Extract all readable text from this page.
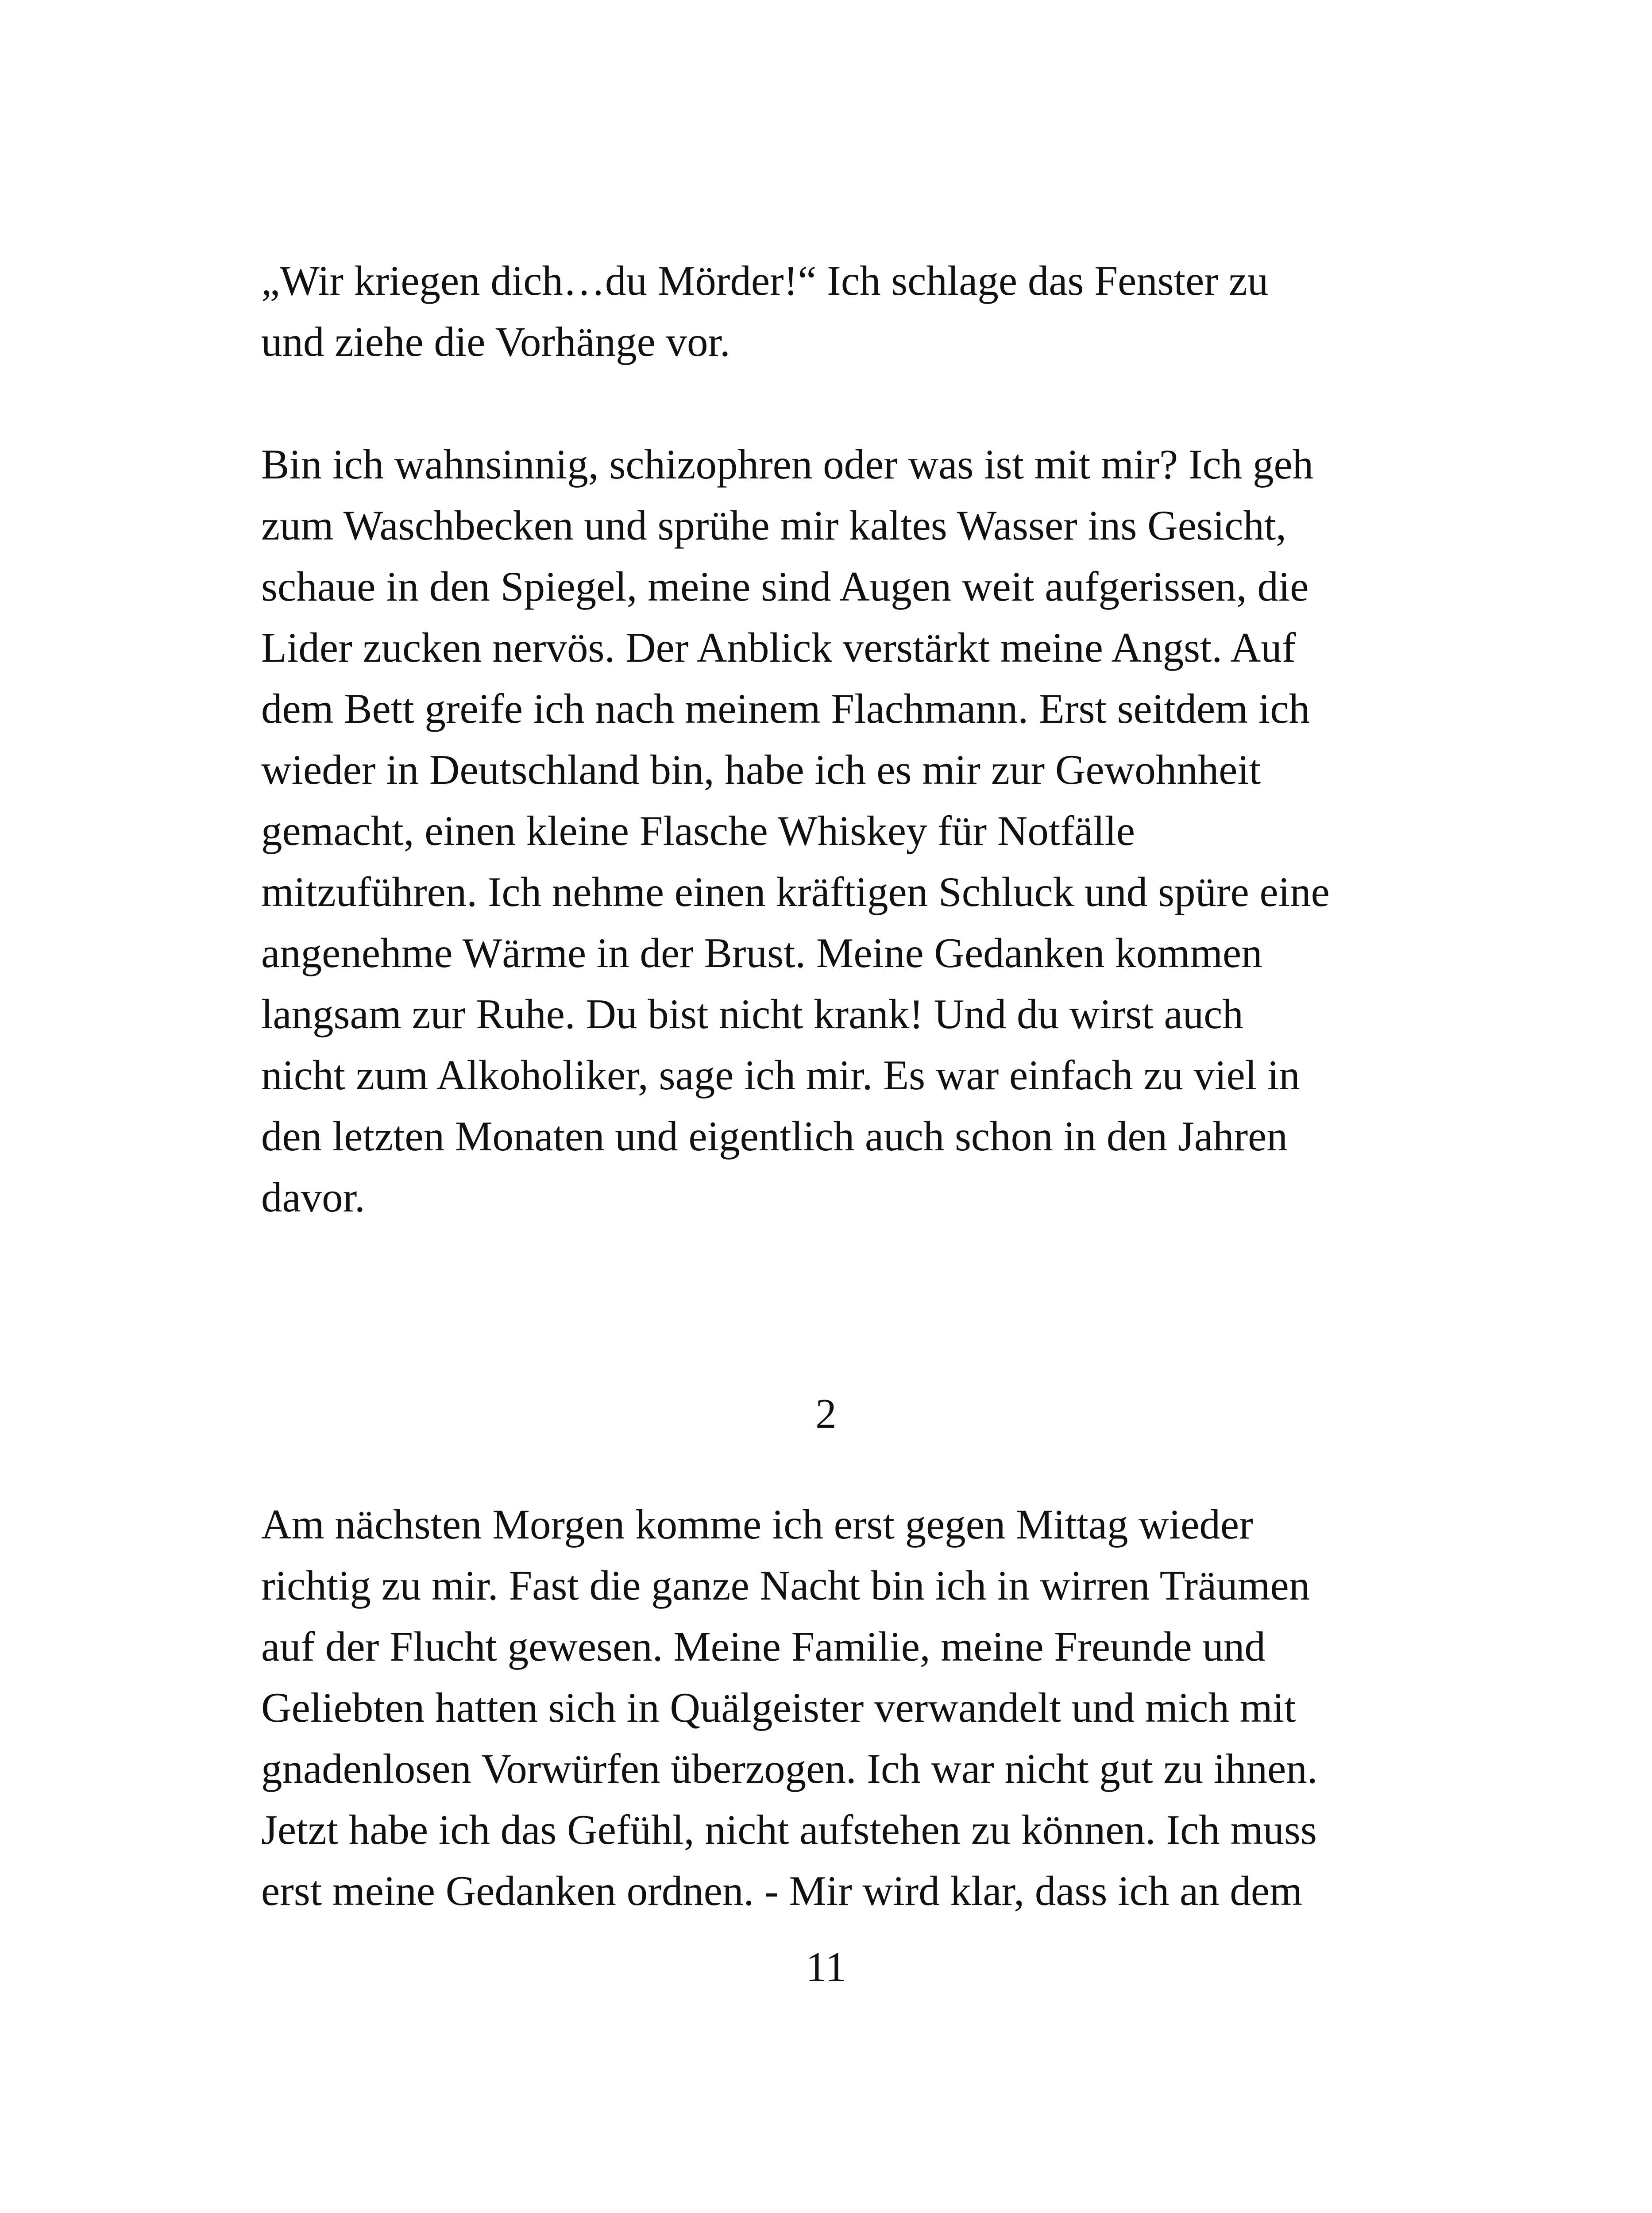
„Wir kriegen dich…du Mörder!“ Ich schlage das Fenster zu
und ziehe die Vorhänge vor.

Bin ich wahnsinnig, schizophren oder was ist mit mir? Ich geh
zum Waschbecken und sprühe mir kaltes Wasser ins Gesicht,
schaue in den Spiegel, meine sind Augen weit aufgerissen, die
Lider zucken nervös. Der Anblick verstärkt meine Angst. Auf
dem Bett greife ich nach meinem Flachmann. Erst seitdem ich
wieder in Deutschland bin, habe ich es mir zur Gewohnheit
gemacht, einen kleine Flasche Whiskey für Notfälle
mitzuführen. Ich nehme einen kräftigen Schluck und spüre eine
angenehme Wärme in der Brust. Meine Gedanken kommen
langsam zur Ruhe. Du bist nicht krank! Und du wirst auch
nicht zum Alkoholiker, sage ich mir. Es war einfach zu viel in
den letzten Monaten und eigentlich auch schon in den Jahren
davor.

2

Am nächsten Morgen komme ich erst gegen Mittag wieder
richtig zu mir. Fast die ganze Nacht bin ich in wirren Träumen
auf der Flucht gewesen. Meine Familie, meine Freunde und
Geliebten hatten sich in Quälgeister verwandelt und mich mit
gnadenlosen Vorwürfen überzogen. Ich war nicht gut zu ihnen.
Jetzt habe ich das Gefühl, nicht aufstehen zu können. Ich muss
erst meine Gedanken ordnen. - Mir wird klar, dass ich an dem

11
